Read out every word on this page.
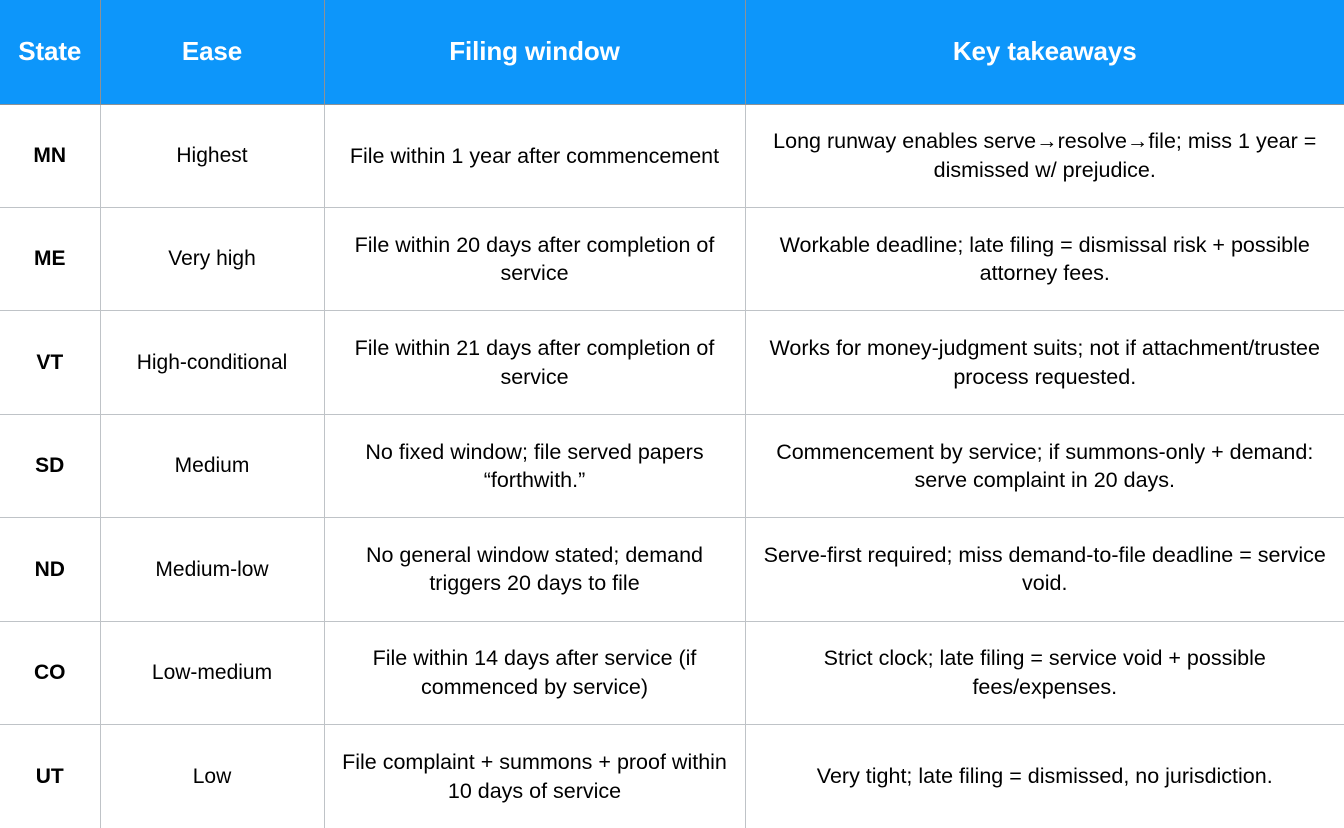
State	Ease	Filing window	Key takeaways
MN	Highest	File within 1 year after commencement	Long runway enables serve→resolve→file; miss 1 year = dismissed w/ prejudice.
ME	Very high	File within 20 days after completion of service	Workable deadline; late filing = dismissal risk + possible attorney fees.
VT	High-conditional	File within 21 days after completion of service	Works for money-judgment suits; not if attachment/trustee process requested.
SD	Medium	No fixed window; file served papers “forthwith.”	Commencement by service; if summons-only + demand: serve complaint in 20 days.
ND	Medium-low	No general window stated; demand triggers 20 days to file	Serve-first required; miss demand-to-file deadline = service void.
CO	Low-medium	File within 14 days after service (if commenced by service)	Strict clock; late filing = service void + possible fees/expenses.
UT	Low	File complaint + summons + proof within 10 days of service	Very tight; late filing = dismissed, no jurisdiction.
